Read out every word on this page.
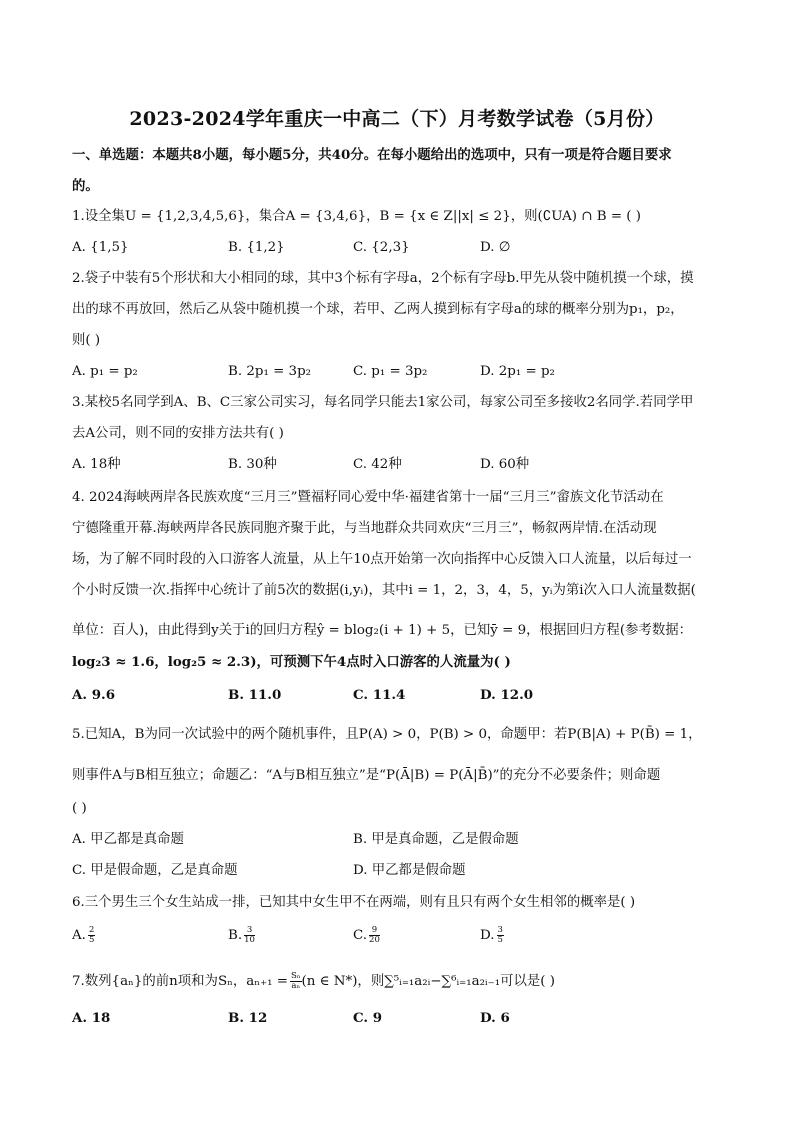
2023-2024学年重庆一中高二（下）月考数学试卷（5月份）
一、单选题：本题共8小题，每小题5分，共40分。在每小题给出的选项中，只有一项是符合题目要求
的。
1.设全集U = {1,2,3,4,5,6}，集合A = {3,4,6}，B = {x ∈ Z||x| ≤ 2}，则(∁UA) ∩ B = ( )
A. {1,5}	B. {1,2}	C. {2,3}	D. ∅
2.袋子中装有5个形状和大小相同的球，其中3个标有字母a，2个标有字母b.甲先从袋中随机摸一个球，摸
出的球不再放回，然后乙从袋中随机摸一个球，若甲、乙两人摸到标有字母a的球的概率分别为p₁，p₂，
则( )
A. p₁ = p₂	B. 2p₁ = 3p₂	C. p₁ = 3p₂	D. 2p₁ = p₂
3.某校5名同学到A、B、C三家公司实习，每名同学只能去1家公司，每家公司至多接收2名同学.若同学甲
去A公司，则不同的安排方法共有( )
A. 18种	B. 30种	C. 42种	D. 60种
4. 2024海峡两岸各民族欢度“三月三”暨福籽同心爱中华·福建省第十一届“三月三”畲族文化节活动在
宁德隆重开幕.海峡两岸各民族同胞齐聚于此，与当地群众共同欢庆“三月三”，畅叙两岸情.在活动现
场，为了解不同时段的入口游客人流量，从上午10点开始第一次向指挥中心反馈入口人流量，以后每过一
个小时反馈一次.指挥中心统计了前5次的数据(i,yᵢ)，其中i = 1，2，3，4，5，yᵢ为第i次入口人流量数据(
单位：百人)，由此得到y关于i的回归方程ŷ = blog₂(i + 1) + 5，已知ȳ = 9，根据回归方程(参考数据：
log₂3 ≈ 1.6，log₂5 ≈ 2.3)，可预测下午4点时入口游客的人流量为( )
A. 9.6	B. 11.0	C. 11.4	D. 12.0
5.已知A，B为同一次试验中的两个随机事件，且P(A) > 0，P(B) > 0，命题甲：若P(B|A) + P(B̄) = 1，
则事件A与B相互独立；命题乙：“A与B相互独立”是“P(Ā|B) = P(Ā|B̄)”的充分不必要条件；则命题
( )
A. 甲乙都是真命题	B. 甲是真命题，乙是假命题
C. 甲是假命题，乙是真命题	D. 甲乙都是假命题
6.三个男生三个女生站成一排，已知其中女生甲不在两端，则有且只有两个女生相邻的概率是( )
A. $\frac{2}{5}$	B. $\frac{3}{10}$	C. $\frac{9}{20}$	D. $\frac{3}{5}$
7.数列{aₙ}的前n项和为Sₙ，$a_{n+1} = \frac{\text{Sₙ}}{\text{aₙ}} (n$ ∈ N*)，则∑⁵ᵢ₌₁a₂ᵢ−∑⁶ᵢ₌₁a₂ᵢ₋₁可以是( )
A. 18	B. 12	C. 9	D. 6
